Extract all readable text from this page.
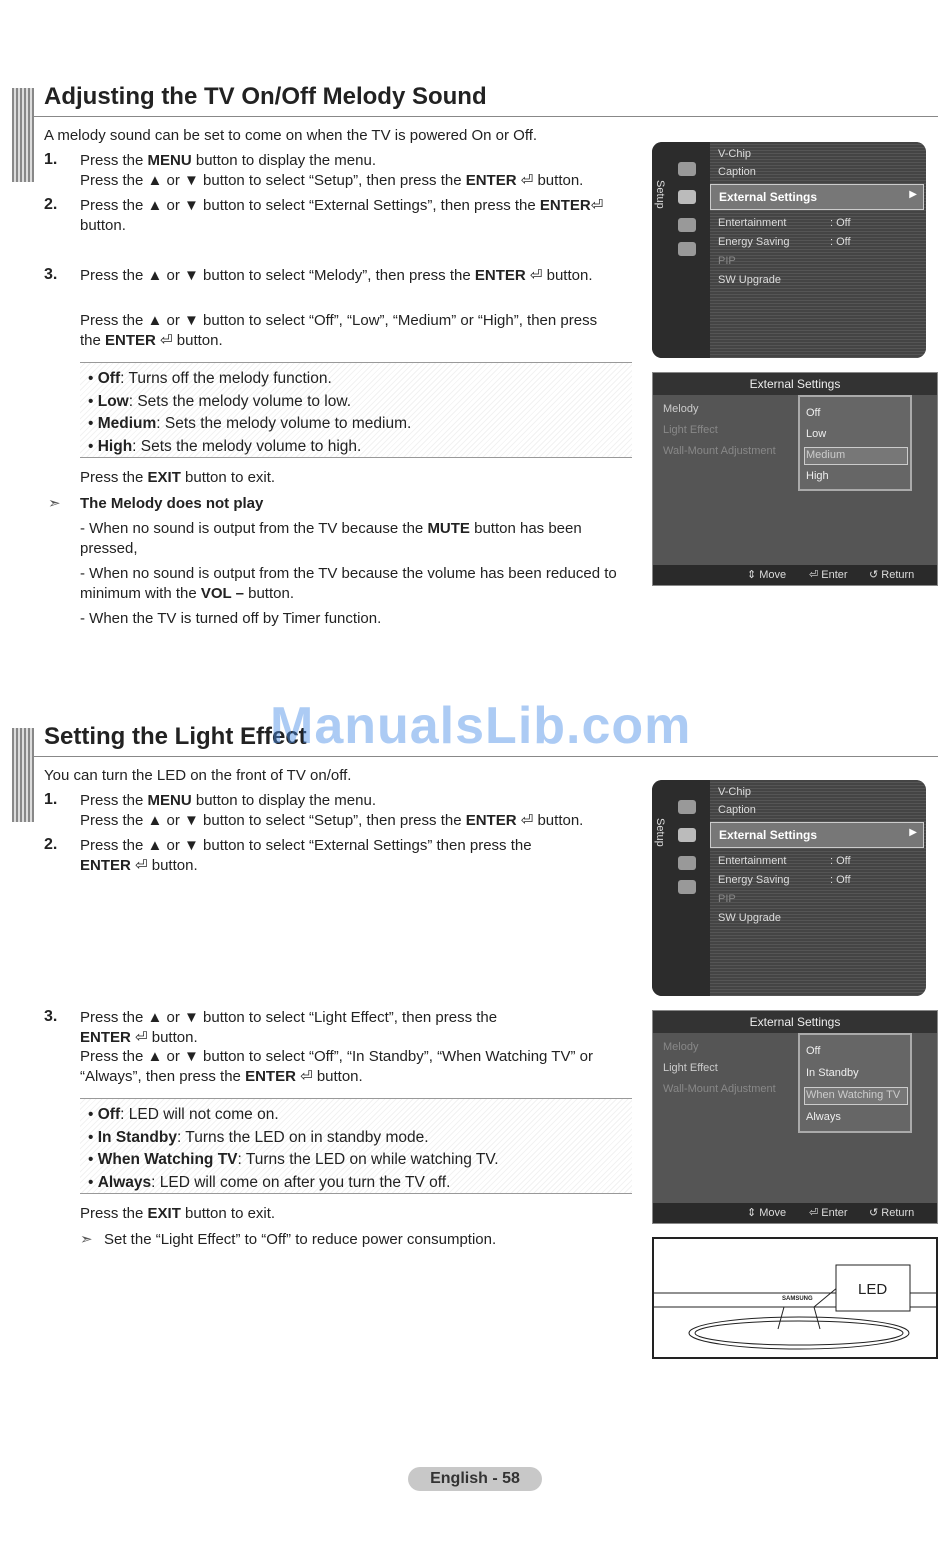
Adjusting the TV On/Off Melody Sound
A melody sound can be set to come on when the TV is powered On or Off.
1. Press the MENU button to display the menu.
Press the ▲ or ▼ button to select “Setup”, then press the ENTER ⏎ button.
2. Press the ▲ or ▼ button to select “External Settings”, then press the ENTER⏎ button.
3. Press the ▲ or ▼ button to select “Melody”, then press the ENTER ⏎ button.
Press the ▲ or ▼ button to select “Off”, “Low”, “Medium” or “High”, then press the ENTER ⏎ button.
• Off: Turns off the melody function.
• Low: Sets the melody volume to low.
• Medium: Sets the melody volume to medium.
• High: Sets the melody volume to high.
Press the EXIT button to exit.
➣ The Melody does not play
- When no sound is output from the TV because the MUTE button has been pressed,
- When no sound is output from the TV because the volume has been reduced to minimum with the VOL – button.
- When the TV is turned off by Timer function.
Setup
V-Chip
Caption
External Settings	▶
Entertainment	: Off
Energy Saving	: Off
PIP
SW Upgrade
External Settings
Melody
Light Effect
Wall-Mount Adjustment
Off
Low
Medium
High
⇕ Move ⏎ Enter ↺ Return
Setting the Light Effect
You can turn the LED on the front of TV on/off.
1. Press the MENU button to display the menu.
Press the ▲ or ▼ button to select “Setup”, then press the ENTER ⏎ button.
2. Press the ▲ or ▼ button to select “External Settings” then press the ENTER ⏎ button.
3. Press the ▲ or ▼ button to select “Light Effect”, then press the ENTER ⏎ button.
Press the ▲ or ▼ button to select “Off”, “In Standby”, “When Watching TV” or “Always”, then press the ENTER ⏎ button.
• Off: LED will not come on.
• In Standby: Turns the LED on in standby mode.
• When Watching TV: Turns the LED on while watching TV.
• Always: LED will come on after you turn the TV off.
Press the EXIT button to exit.
➣ Set the “Light Effect” to “Off” to reduce power consumption.
Setup
V-Chip
Caption
External Settings	▶
Entertainment	: Off
Energy Saving	: Off
PIP
SW Upgrade
External Settings
Melody
Light Effect
Wall-Mount Adjustment
Off
In Standby
When Watching TV
Always
⇕ Move ⏎ Enter ↺ Return
SAMSUNG
LED
ManualsLib.com
English - 58
